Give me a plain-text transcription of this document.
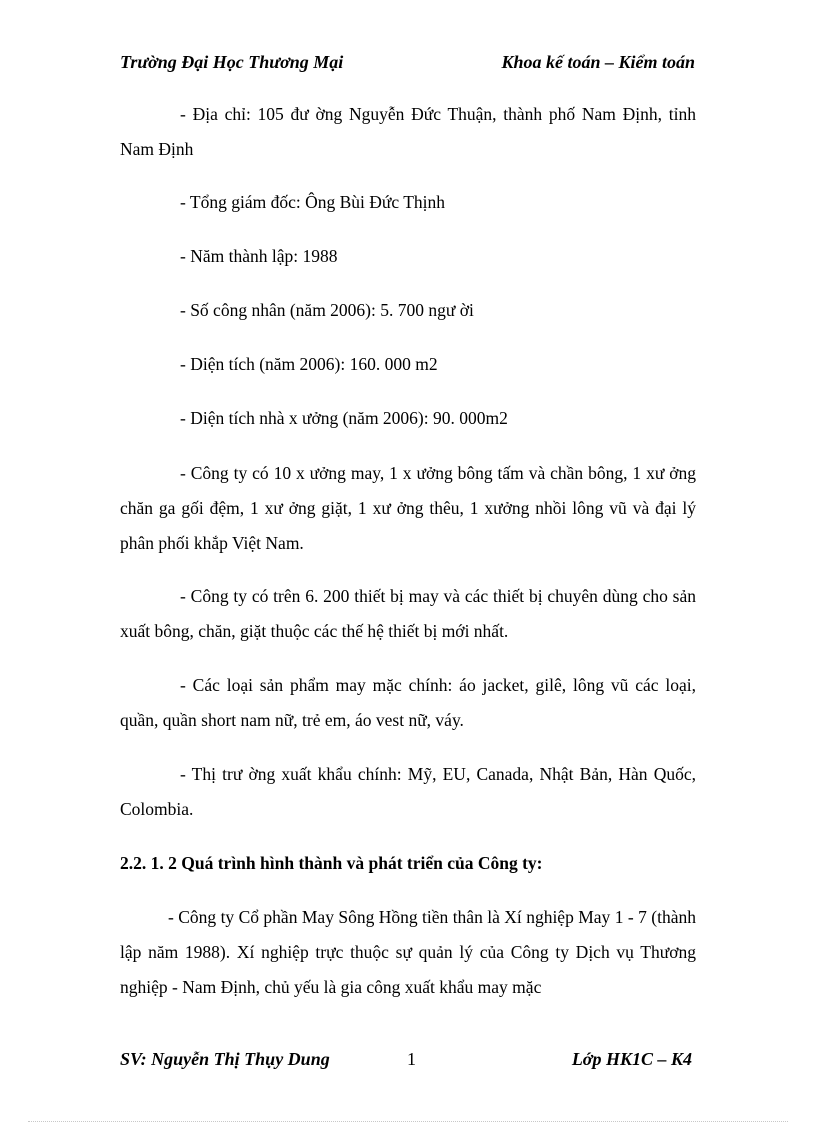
Trường Đại Học Thương Mại	Khoa kế toán – Kiểm toán
- Địa chỉ: 105 đư ờng Nguyễn Đức Thuận, thành phố Nam Định, tỉnh Nam Định
- Tổng giám đốc: Ông Bùi Đức Thịnh
- Năm thành lập: 1988
- Số công nhân (năm 2006): 5. 700 ngư ời
- Diện tích (năm 2006): 160. 000 m2
- Diện tích nhà x ưởng (năm 2006): 90. 000m2
- Công ty có 10 x ưởng may, 1 x ưởng bông tấm và chần bông, 1 xư ởng chăn ga gối đệm, 1 xư ởng giặt, 1 xư ởng thêu, 1 xưởng nhồi lông vũ và đại lý phân phối khắp Việt Nam.
- Công ty có trên 6. 200 thiết bị may và các thiết bị chuyên dùng cho sản xuất bông, chăn, giặt thuộc các thế hệ thiết bị mới nhất.
- Các loại sản phẩm may mặc chính: áo jacket, gilê, lông vũ các loại, quần, quần short nam nữ, trẻ em, áo vest nữ, váy.
- Thị trư ờng xuất khẩu chính: Mỹ, EU, Canada, Nhật Bản, Hàn Quốc, Colombia.
2.2. 1. 2 Quá trình hình thành và phát triển của Công ty:
- Công ty Cổ phần May Sông Hồng tiền thân là Xí nghiệp May 1 - 7 (thành lập năm 1988). Xí nghiệp trực thuộc sự quản lý của Công ty Dịch vụ Thương nghiệp - Nam Định, chủ yếu là gia công xuất khẩu may mặc
SV: Nguyễn Thị Thụy Dung	1	Lớp HK1C – K4
